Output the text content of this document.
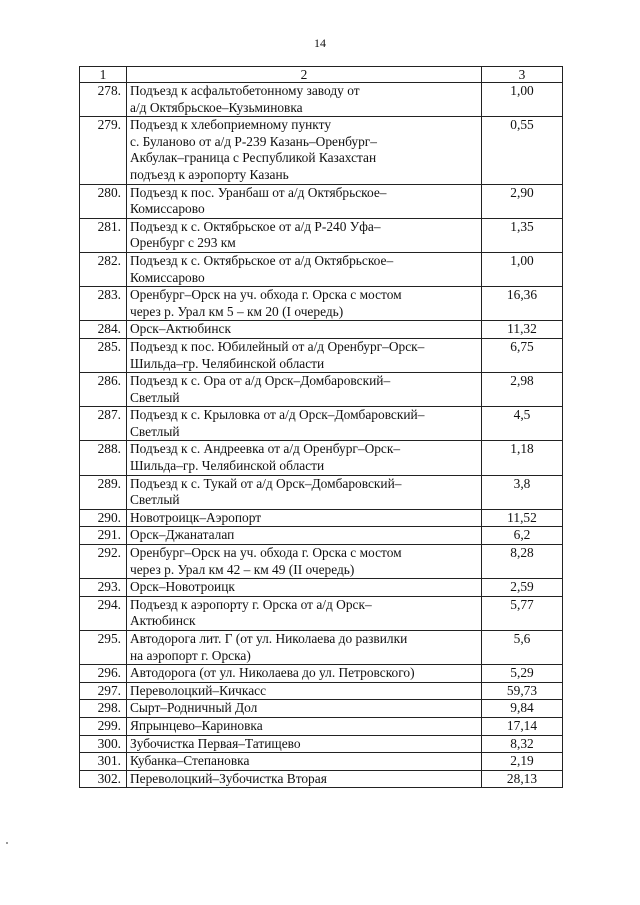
14
1	2	3
278.	Подъезд к асфальтобетонному заводу от
а/д Октябрьское–Кузьминовка	1,00
279.	Подъезд к хлебоприемному пункту
с. Буланово от а/д Р-239 Казань–Оренбург–
Акбулак–граница с Республикой Казахстан
подъезд к аэропорту Казань	0,55
280.	Подъезд к пос. Уранбаш от а/д Октябрьское–
Комиссарово	2,90
281.	Подъезд к с. Октябрьское от а/д Р-240 Уфа–
Оренбург с 293 км	1,35
282.	Подъезд к с. Октябрьское от а/д Октябрьское–
Комиссарово	1,00
283.	Оренбург–Орск на уч. обхода г. Орска с мостом
через р. Урал км 5 – км 20 (I очередь)	16,36
284.	Орск–Актюбинск	11,32
285.	Подъезд к пос. Юбилейный от а/д Оренбург–Орск–
Шильда–гр. Челябинской области	6,75
286.	Подъезд к с. Ора от а/д Орск–Домбаровский–
Светлый	2,98
287.	Подъезд к с. Крыловка от а/д Орск–Домбаровский–
Светлый	4,5
288.	Подъезд к с. Андреевка от а/д Оренбург–Орск–
Шильда–гр. Челябинской области	1,18
289.	Подъезд к с. Тукай от а/д Орск–Домбаровский–
Светлый	3,8
290.	Новотроицк–Аэропорт	11,52
291.	Орск–Джанаталап	6,2
292.	Оренбург–Орск на уч. обхода г. Орска с мостом
через р. Урал км 42 – км 49 (II очередь)	8,28
293.	Орск–Новотроицк	2,59
294.	Подъезд к аэропорту г. Орска от а/д Орск–
Актюбинск	5,77
295.	Автодорога лит. Г (от ул. Николаева до развилки
на аэропорт г. Орска)	5,6
296.	Автодорога (от ул. Николаева до ул. Петровского)	5,29
297.	Переволоцкий–Кичкасс	59,73
298.	Сырт–Родничный Дол	9,84
299.	Япрынцево–Кариновка	17,14
300.	Зубочистка Первая–Татищево	8,32
301.	Кубанка–Степановка	2,19
302.	Переволоцкий–Зубочистка Вторая	28,13
